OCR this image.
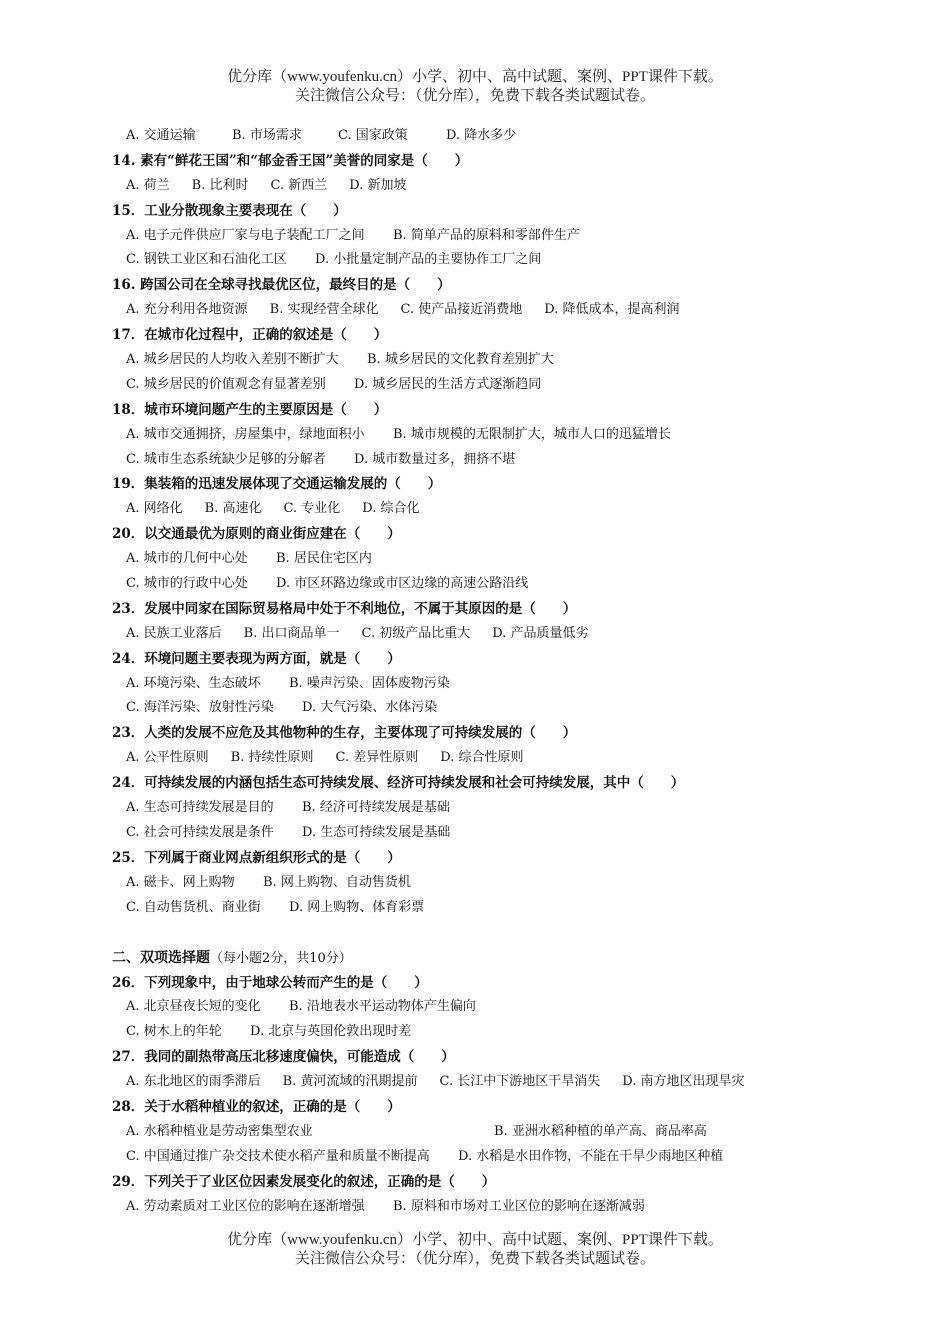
优分库（www.youfenku.cn）小学、初中、高中试题、案例、PPT课件下载。
关注微信公众号：（优分库），免费下载各类试题试卷。
A. 交通运输	B. 市场需求	C. 国家政策	D. 降水多少
14. 素有“鲜花王国”和“郁金香王国”美誉的同家是（　　）
A. 荷兰 B. 比利时 C. 新西兰 D. 新加坡
15．工业分散现象主要表现在（　　）
A. 电子元件供应厂家与电子装配工厂之间 B. 简单产品的原料和零部件生产
C. 钢铁工业区和石油化工区 D. 小批量定制产品的主要协作工厂之间
16. 跨国公司在全球寻找最优区位，最终目的是（　　）
A. 充分利用各地资源 B. 实现经营全球化 C. 使产品接近消费地 D. 降低成本，提高利润
17．在城市化过程中，正确的叙述是（　　）
A. 城乡居民的人均收入差别不断扩大 B. 城乡居民的文化教育差别扩大
C. 城乡居民的价值观念有显著差别 D. 城乡居民的生活方式逐渐趋同
18．城市环境问题产生的主要原因是（　　）
A. 城市交通拥挤，房屋集中，绿地面积小 B. 城市规模的无限制扩大，城市人口的迅猛增长
C. 城市生态系统缺少足够的分解者 D. 城市数量过多，拥挤不堪
19．集装箱的迅速发展体现了交通运输发展的（　　）
A. 网络化 B. 高速化 C. 专业化 D. 综合化
20．以交通最优为原则的商业街应建在（　　）
A. 城市的几何中心处 B. 居民住宅区内
C. 城市的行政中心处 D. 市区环路边缘或市区边缘的高速公路沿线
23．发展中同家在国际贸易格局中处于不利地位，不属于其原因的是（　　）
A. 民族工业落后 B. 出口商品单一 C. 初级产品比重大 D. 产品质量低劣
24．环境问题主要表现为两方面，就是（　　）
A. 环境污染、生态破坏 B. 噪声污染、固体废物污染
C. 海洋污染、放射性污染 D. 大气污染、水体污染
23．人类的发展不应危及其他物种的生存，主要体现了可持续发展的（　　）
A. 公平性原则 B. 持续性原则 C. 差异性原则 D. 综合性原则
24．可持续发展的内涵包括生态可持续发展、经济可持续发展和社会可持续发展，其中（　　）
A. 生态可持续发展是目的 B. 经济可持续发展是基础
C. 社会可持续发展是条件 D. 生态可持续发展是基础
25．下列属于商业网点新组织形式的是（　　）
A. 磁卡、网上购物 B. 网上购物、自动售货机
C. 自动售货机、商业街 D. 网上购物、体育彩票
二、双项选择题（每小题2分，共10分）
26．下列现象中，由于地球公转而产生的是（　　）
A. 北京昼夜长短的变化 B. 沿地表水平运动物体产生偏向
C. 树木上的年轮 D. 北京与英国伦敦出现时差
27．我同的副热带高压北移速度偏快，可能造成（　　）
A. 东北地区的雨季滞后 B. 黄河流域的汛期提前 C. 长江中下游地区干旱消失 D. 南方地区出现旱灾
28．关于水稻种植业的叙述，正确的是（　　）
A. 水稻种植业是劳动密集型农业	B. 亚洲水稻种植的单产高、商品率高
C. 中国通过推广杂交技术使水稻产量和质量不断提高 D. 水稻是水田作物，不能在干旱少雨地区种植
29．下列关于了业区位因素发展变化的叙述，正确的是（　　）
A. 劳动素质对工业区位的影响在逐渐增强 B. 原料和市场对工业区位的影响在逐渐减弱
优分库（www.youfenku.cn）小学、初中、高中试题、案例、PPT课件下载。
关注微信公众号：（优分库），免费下载各类试题试卷。
